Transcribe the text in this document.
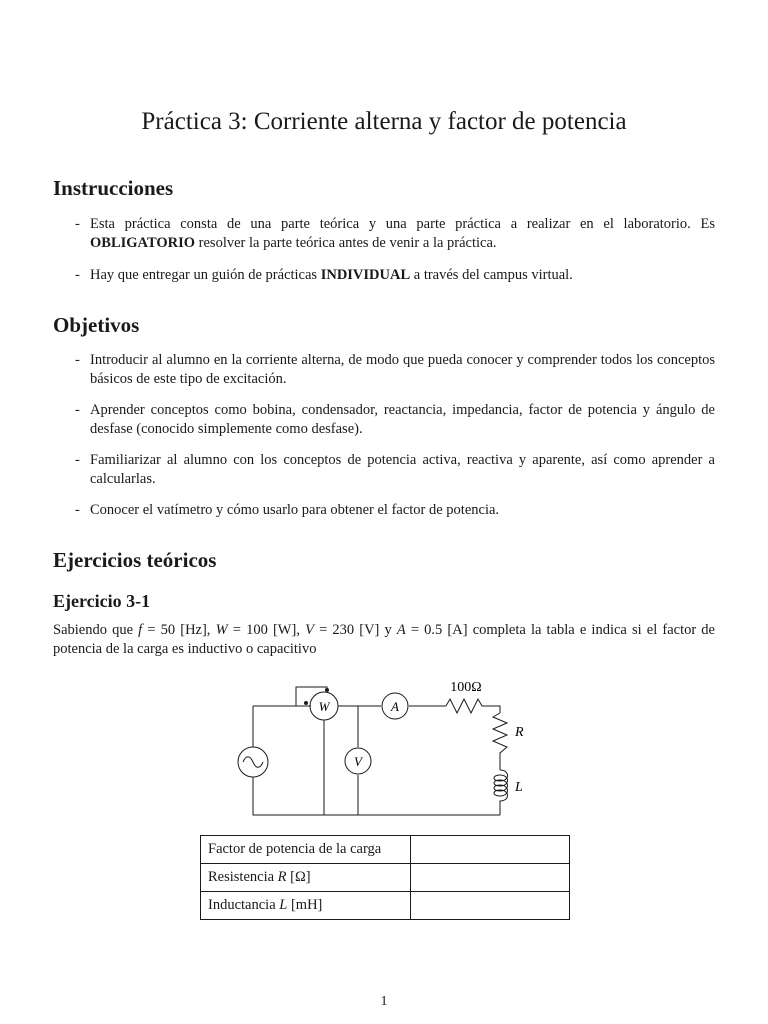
Práctica 3: Corriente alterna y factor de potencia
Instrucciones
- Esta práctica consta de una parte teórica y una parte práctica a realizar en el laboratorio. Es OBLIGATORIO resolver la parte teórica antes de venir a la práctica.
- Hay que entregar un guión de prácticas INDIVIDUAL a través del campus virtual.
Objetivos
- Introducir al alumno en la corriente alterna, de modo que pueda conocer y comprender todos los conceptos básicos de este tipo de excitación.
- Aprender conceptos como bobina, condensador, reactancia, impedancia, factor de potencia y ángulo de desfase (conocido simplemente como desfase).
- Familiarizar al alumno con los conceptos de potencia activa, reactiva y aparente, así como aprender a calcularlas.
- Conocer el vatímetro y cómo usarlo para obtener el factor de potencia.
Ejercicios teóricos
Ejercicio 3-1

Sabiendo que f = 50 [Hz], W = 100 [W], V = 230 [V] y A = 0.5 [A] completa la tabla e indica si el factor de potencia de la carga es inductivo o capacitivo

W	A
V
100Ω
R
L
Factor de potencia de la carga	
Resistencia R [Ω]	
Inductancia L [mH]	
1
